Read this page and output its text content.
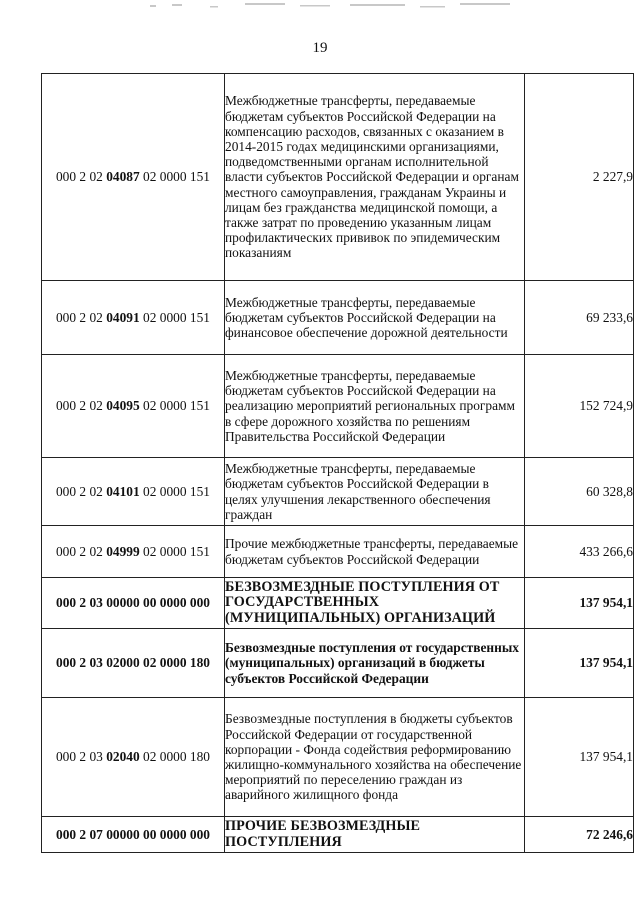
19
000 2 02 04087 02 0000 151	Межбюджетные трансферты, передаваемые бюджетам субъектов Российской Федерации на компенсацию расходов, связанных с оказанием в 2014-2015 годах медицинскими организациями, подведомственными органам исполнительной власти субъектов Российской Федерации и органам местного самоуправления, гражданам Украины и лицам без гражданства медицинской помощи, а также затрат по проведению указанным лицам профилактических прививок по эпидемическим показаниям	2 227,9
000 2 02 04091 02 0000 151	Межбюджетные трансферты, передаваемые бюджетам субъектов Российской Федерации на финансовое обеспечение дорожной деятельности	69 233,6
000 2 02 04095 02 0000 151	Межбюджетные трансферты, передаваемые бюджетам субъектов Российской Федерации на реализацию мероприятий региональных программ в сфере дорожного хозяйства по решениям Правительства Российской Федерации	152 724,9
000 2 02 04101 02 0000 151	Межбюджетные трансферты, передаваемые бюджетам субъектов Российской Федерации в целях улучшения лекарственного обеспечения граждан	60 328,8
000 2 02 04999 02 0000 151	Прочие межбюджетные трансферты, передаваемые бюджетам субъектов Российской Федерации	433 266,6
000 2 03 00000 00 0000 000	БЕЗВОЗМЕЗДНЫЕ ПОСТУПЛЕНИЯ ОТ ГОСУДАРСТВЕННЫХ (МУНИЦИПАЛЬНЫХ) ОРГАНИЗАЦИЙ	137 954,1
000 2 03 02000 02 0000 180	Безвозмездные поступления от государственных (муниципальных) организаций в бюджеты субъектов Российской Федерации	137 954,1
000 2 03 02040 02 0000 180	Безвозмездные поступления в бюджеты субъектов Российской Федерации от государственной корпорации - Фонда содействия реформированию жилищно-коммунального хозяйства на обеспечение мероприятий по переселению граждан из аварийного жилищного фонда	137 954,1
000 2 07 00000 00 0000 000	ПРОЧИЕ БЕЗВОЗМЕЗДНЫЕ ПОСТУПЛЕНИЯ	72 246,6
